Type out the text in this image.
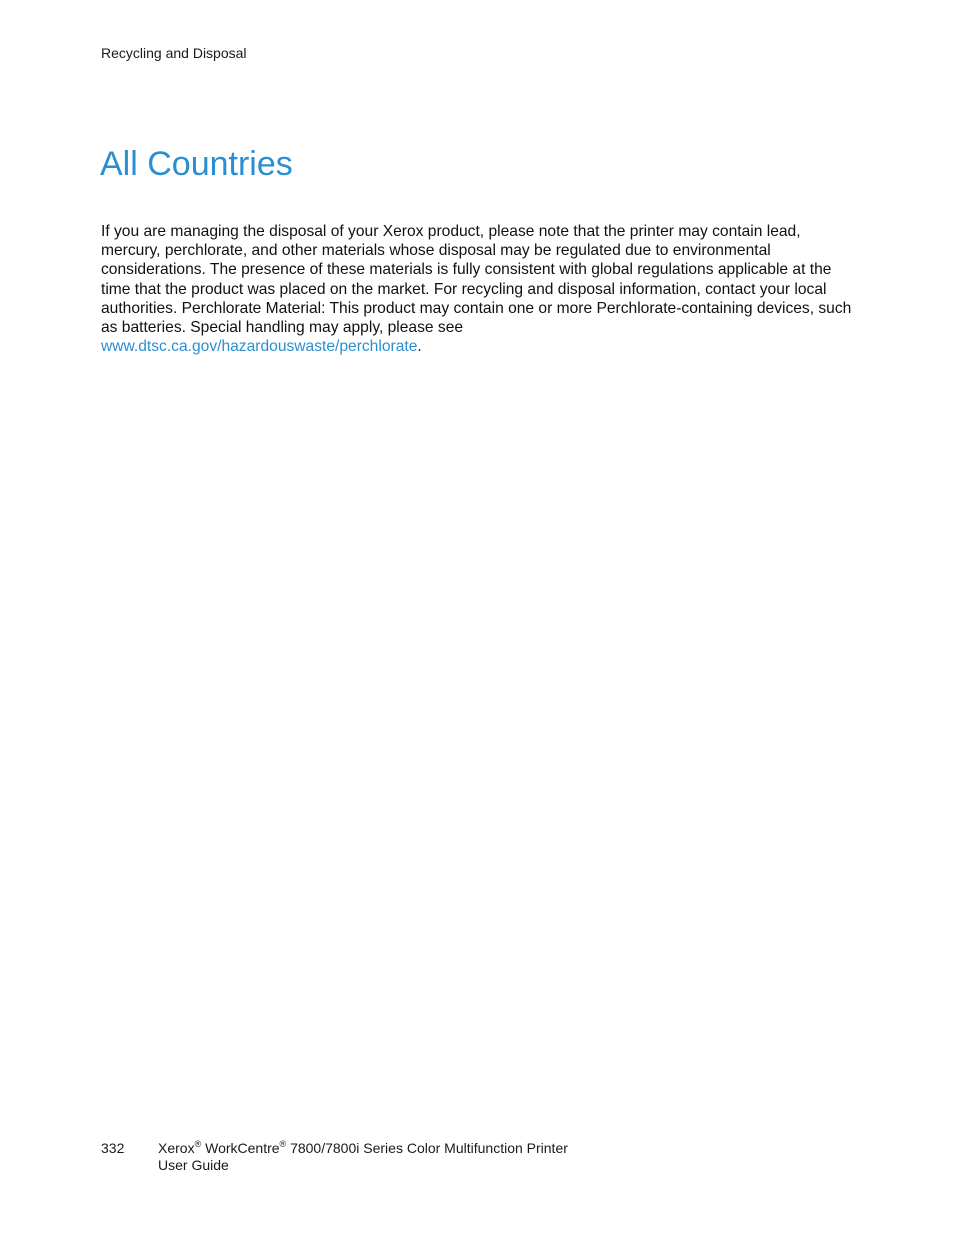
Recycling and Disposal
All Countries

If you are managing the disposal of your Xerox product, please note that the printer may contain lead, mercury, perchlorate, and other materials whose disposal may be regulated due to environmental considerations. The presence of these materials is fully consistent with global regulations applicable at the time that the product was placed on the market. For recycling and disposal information, contact your local authorities. Perchlorate Material: This product may contain one or more Perchlorate-containing devices, such as batteries. Special handling may apply, please see
www.dtsc.ca.gov/hazardouswaste/perchlorate.

332 Xerox® WorkCentre® 7800/7800i Series Color Multifunction Printer
User Guide
